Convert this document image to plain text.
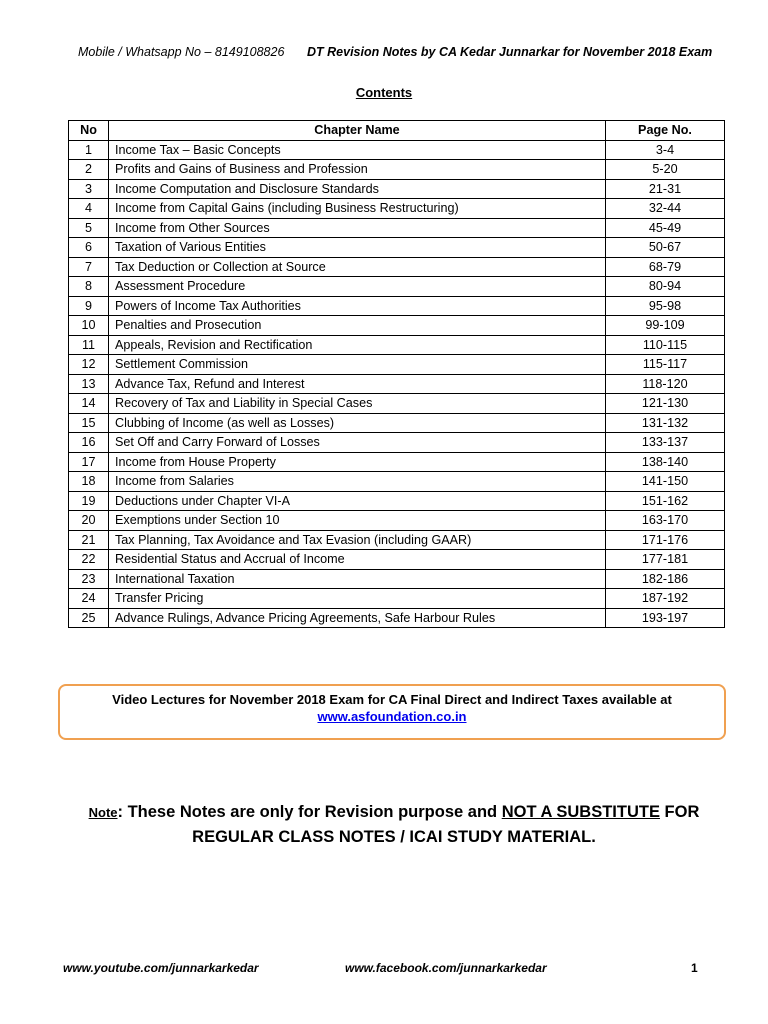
Mobile / Whatsapp No – 8149108826 DT Revision Notes by CA Kedar Junnarkar for November 2018 Exam
Contents
No	Chapter Name	Page No.
1	Income Tax – Basic Concepts	3-4
2	Profits and Gains of Business and Profession	5-20
3	Income Computation and Disclosure Standards	21-31
4	Income from Capital Gains (including Business Restructuring)	32-44
5	Income from Other Sources	45-49
6	Taxation of Various Entities	50-67
7	Tax Deduction or Collection at Source	68-79
8	Assessment Procedure	80-94
9	Powers of Income Tax Authorities	95-98
10	Penalties and Prosecution	99-109
11	Appeals, Revision and Rectification	110-115
12	Settlement Commission	115-117
13	Advance Tax, Refund and Interest	118-120
14	Recovery of Tax and Liability in Special Cases	121-130
15	Clubbing of Income (as well as Losses)	131-132
16	Set Off and Carry Forward of Losses	133-137
17	Income from House Property	138-140
18	Income from Salaries	141-150
19	Deductions under Chapter VI-A	151-162
20	Exemptions under Section 10	163-170
21	Tax Planning, Tax Avoidance and Tax Evasion (including GAAR)	171-176
22	Residential Status and Accrual of Income	177-181
23	International Taxation	182-186
24	Transfer Pricing	187-192
25	Advance Rulings, Advance Pricing Agreements, Safe Harbour Rules	193-197
Video Lectures for November 2018 Exam for CA Final Direct and Indirect Taxes available at
www.asfoundation.co.in
Note: These Notes are only for Revision purpose and NOT A SUBSTITUTE FOR REGULAR CLASS NOTES / ICAI STUDY MATERIAL.
www.youtube.com/junnarkarkedar	www.facebook.com/junnarkarkedar	1
